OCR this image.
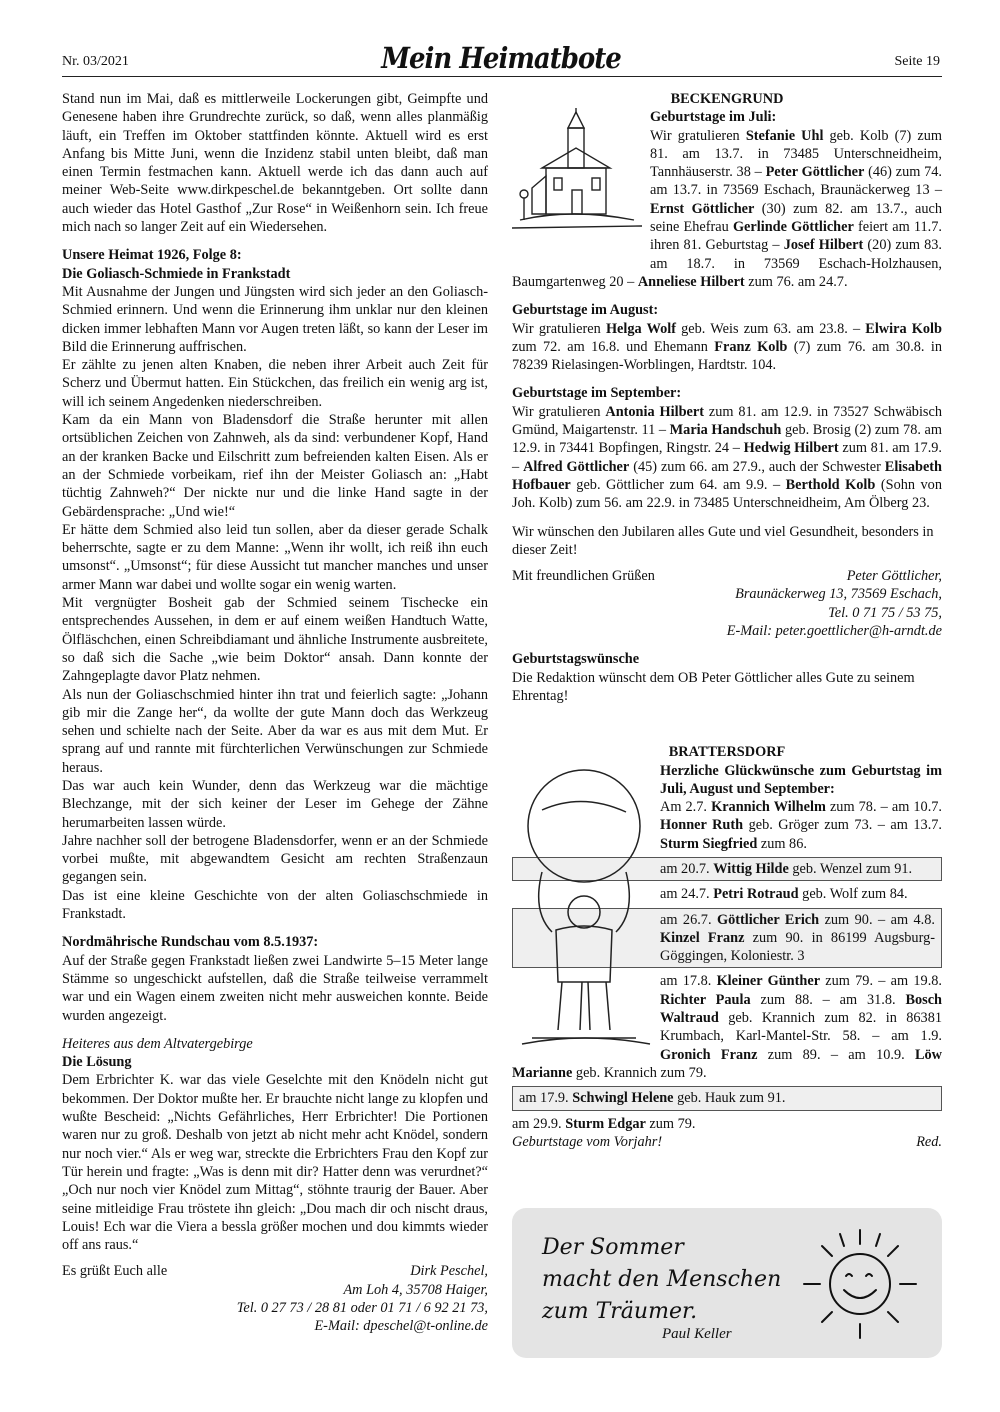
Nr. 03/2021	Mein Heimatbote	Seite 19

Stand nun im Mai, daß es mittlerweile Lockerungen gibt, Geimpfte und Genesene haben ihre Grundrechte zurück, so daß, wenn alles planmäßig läuft, ein Treffen im Oktober stattfinden könnte. Aktuell wird es erst Anfang bis Mitte Juni, wenn die Inzidenz stabil unten bleibt, daß man einen Termin festmachen kann. Aktuell werde ich das dann auch auf meiner Web-Seite www.dirkpeschel.de bekanntgeben. Ort sollte dann auch wieder das Hotel Gasthof „Zur Rose“ in Weißenhorn sein. Ich freue mich nach so langer Zeit auf ein Wiedersehen.

Unsere Heimat 1926, Folge 8:

Die Goliasch-Schmiede in Frankstadt

Mit Ausnahme der Jungen und Jüngsten wird sich jeder an den Goliasch-Schmied erinnern. Und wenn die Erinnerung ihm unklar nur den kleinen dicken immer lebhaften Mann vor Augen treten läßt, so kann der Leser im Bild die Erinnerung auffrischen.

Er zählte zu jenen alten Knaben, die neben ihrer Arbeit auch Zeit für Scherz und Übermut hatten. Ein Stückchen, das freilich ein wenig arg ist, will ich seinem Angedenken niederschreiben.

Kam da ein Mann von Bladensdorf die Straße herunter mit allen ortsüblichen Zeichen von Zahnweh, als da sind: verbundener Kopf, Hand an der kranken Backe und Eilschritt zum befreienden kalten Eisen. Als er an der Schmiede vorbeikam, rief ihn der Meister Goliasch an: „Habt tüchtig Zahnweh?“ Der nickte nur und die linke Hand sagte in der Gebärdensprache: „Und wie!“

Er hätte dem Schmied also leid tun sollen, aber da dieser gerade Schalk beherrschte, sagte er zu dem Manne: „Wenn ihr wollt, ich reiß ihn euch umsonst“. „Umsonst“; für diese Aussicht tut mancher manches und unser armer Mann war dabei und wollte sogar ein wenig warten.

Mit vergnügter Bosheit gab der Schmied seinem Tischecke ein entsprechendes Aussehen, in dem er auf einem weißen Handtuch Watte, Ölfläschchen, einen Schreibdiamant und ähnliche Instrumente ausbreitete, so daß sich die Sache „wie beim Doktor“ ansah. Dann konnte der Zahngeplagte davor Platz nehmen.

Als nun der Goliaschschmied hinter ihn trat und feierlich sagte: „Johann gib mir die Zange her“, da wollte der gute Mann doch das Werkzeug sehen und schielte nach der Seite. Aber da war es aus mit dem Mut. Er sprang auf und rannte mit fürchterlichen Verwünschungen zur Schmiede heraus.

Das war auch kein Wunder, denn das Werkzeug war die mächtige Blechzange, mit der sich keiner der Leser im Gehege der Zähne herumarbeiten lassen würde.

Jahre nachher soll der betrogene Bladensdorfer, wenn er an der Schmiede vorbei mußte, mit abgewandtem Gesicht am rechten Straßenzaun gegangen sein.

Das ist eine kleine Geschichte von der alten Goliaschschmiede in Frankstadt.

Nordmährische Rundschau vom 8.5.1937:

Auf der Straße gegen Frankstadt ließen zwei Landwirte 5–15 Meter lange Stämme so ungeschickt aufstellen, daß die Straße teilweise verrammelt war und ein Wagen einem zweiten nicht mehr ausweichen konnte. Beide wurden angezeigt.

Heiteres aus dem Altvatergebirge

Die Lösung

Dem Erbrichter K. war das viele Geselchte mit den Knödeln nicht gut bekommen. Der Doktor mußte her. Er brauchte nicht lange zu klopfen und wußte Bescheid: „Nichts Gefährliches, Herr Erbrichter! Die Portionen waren nur zu groß. Deshalb von jetzt ab nicht mehr acht Knödel, sondern nur noch vier.“ Als er weg war, streckte die Erbrichters Frau den Kopf zur Tür herein und fragte: „Was is denn mit dir? Hatter denn was verurdnet?“ „Och nur noch vier Knödel zum Mittag“, stöhnte traurig der Bauer. Aber seine mitleidige Frau tröstete ihn gleich: „Dou mach dir och nischt draus, Louis! Ech war die Viera a bessla größer mochen und dou kimmts wieder off ans raus.“

Es grüßt Euch alle	Dirk Peschel,
Am Loh 4, 35708 Haiger,
Tel. 0 27 73 / 28 81 oder 01 71 / 6 92 21 73,
E-Mail: dpeschel@t-online.de

BECKENGRUND

Geburtstage im Juli:

Wir gratulieren Stefanie Uhl geb. Kolb (7) zum 81. am 13.7. in 73485 Unterschneidheim, Tannhäuserstr. 38 – Peter Göttlicher (46) zum 74. am 13.7. in 73569 Eschach, Braunäckerweg 13 – Ernst Göttlicher (30) zum 82. am 13.7., auch seine Ehefrau Gerlinde Göttlicher feiert am 11.7. ihren 81. Geburtstag – Josef Hilbert (20) zum 83. am 18.7. in 73569 Eschach-Holzhausen, Baumgartenweg 20 – Anneliese Hilbert zum 76. am 24.7.

Geburtstage im August:

Wir gratulieren Helga Wolf geb. Weis zum 63. am 23.8. – Elwira Kolb zum 72. am 16.8. und Ehemann Franz Kolb (7) zum 76. am 30.8. in 78239 Rielasingen-Worblingen, Hardtstr. 104.

Geburtstage im September:

Wir gratulieren Antonia Hilbert zum 81. am 12.9. in 73527 Schwäbisch Gmünd, Maigartenstr. 11 – Maria Handschuh geb. Brosig (2) zum 78. am 12.9. in 73441 Bopfingen, Ringstr. 24 – Hedwig Hilbert zum 81. am 17.9. – Alfred Göttlicher (45) zum 66. am 27.9., auch der Schwester Elisabeth Hofbauer geb. Göttlicher zum 64. am 9.9. – Berthold Kolb (Sohn von Joh. Kolb) zum 56. am 22.9. in 73485 Unterschneidheim, Am Ölberg 23.

Wir wünschen den Jubilaren alles Gute und viel Gesundheit, besonders in dieser Zeit!

Mit freundlichen Grüßen	Peter Göttlicher,
Braunäckerweg 13, 73569 Eschach,
Tel. 0 71 75 / 53 75,
E-Mail: peter.goettlicher@h-arndt.de

Geburtstagswünsche

Die Redaktion wünscht dem OB Peter Göttlicher alles Gute zu seinem Ehrentag!

BRATTERSDORF

Herzliche Glückwünsche zum Geburtstag im Juli, August und September:

Am 2.7. Krannich Wilhelm zum 78. – am 10.7. Honner Ruth geb. Gröger zum 73. – am 13.7. Sturm Siegfried zum 86.

am 20.7. Wittig Hilde geb. Wenzel zum 91.

am 24.7. Petri Rotraud geb. Wolf zum 84.

am 26.7. Göttlicher Erich zum 90. – am 4.8. Kinzel Franz zum 90. in 86199 Augsburg-Göggingen, Koloniestr. 3

am 17.8. Kleiner Günther zum 79. – am 19.8. Richter Paula zum 88. – am 31.8. Bosch Waltraud geb. Krannich zum 82. in 86381 Krumbach, Karl-Mantel-Str. 58. – am 1.9. Gronich Franz zum 89. – am 10.9. Löw Marianne geb. Krannich zum 79.

am 17.9. Schwingl Helene geb. Hauk zum 91.

am 29.9. Sturm Edgar zum 79.

Geburtstage vom Vorjahr!	Red.
Der Sommer
macht den Menschen
zum Träumer.
Paul Keller
